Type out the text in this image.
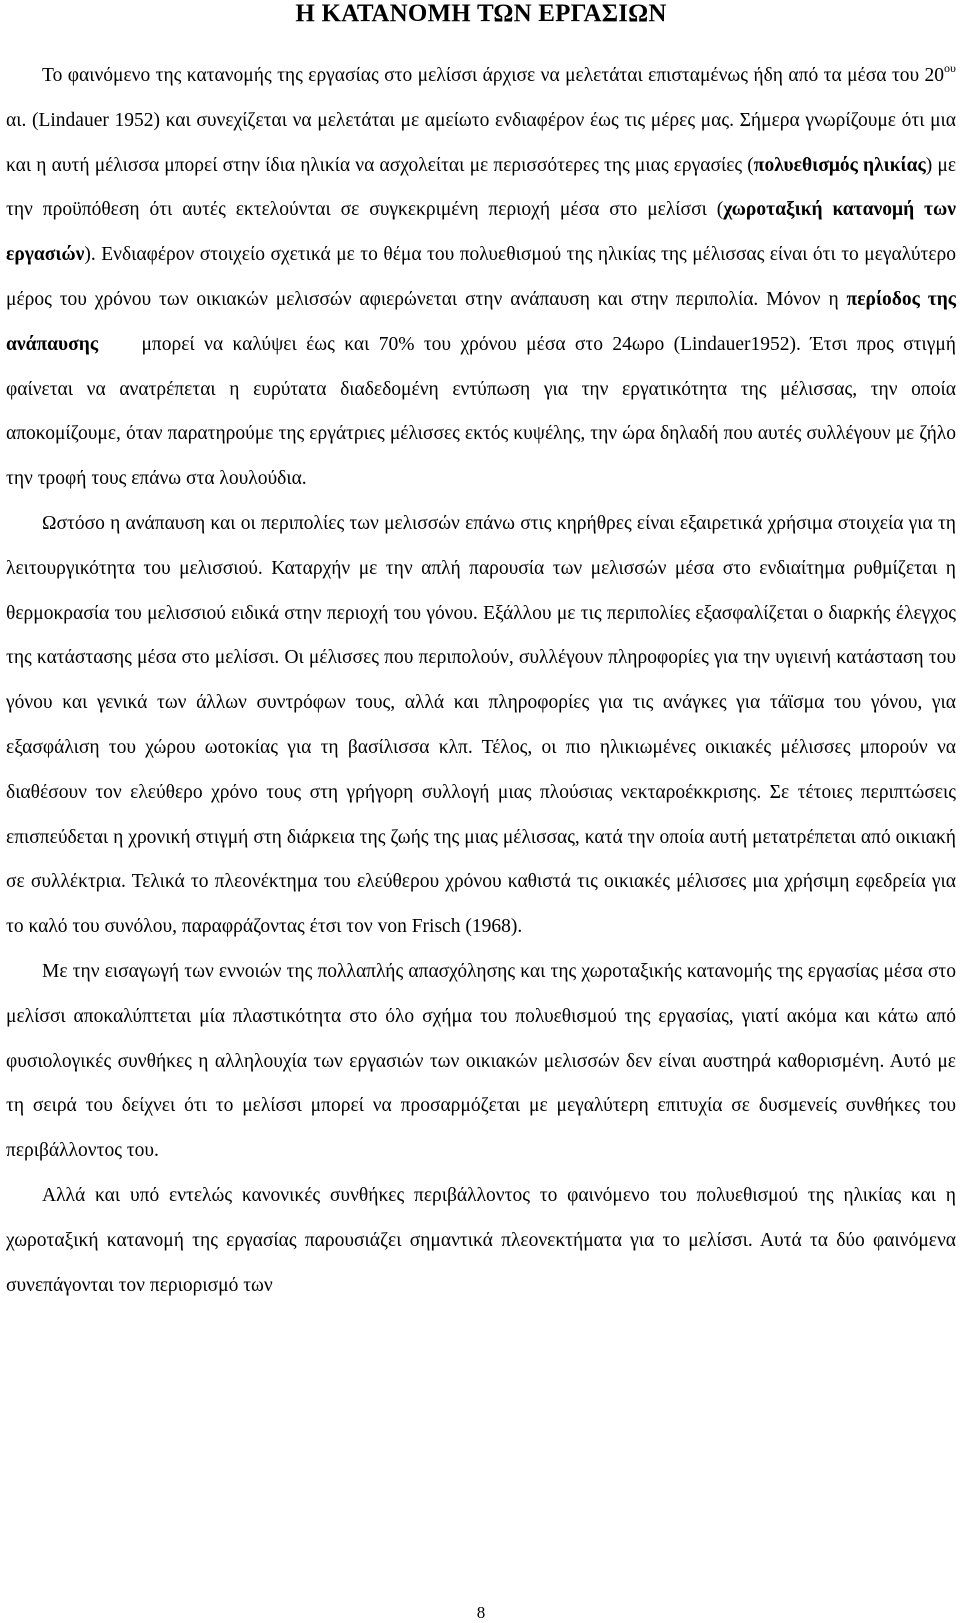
Η ΚΑΤΑΝΟΜΗ ΤΩΝ ΕΡΓΑΣΙΩΝ

Το φαινόμενο της κατανομής της εργασίας στο μελίσσι άρχισε να μελετάται επισταμένως ήδη από τα μέσα του $20^{o\upsilon}$ αι. (Lindauer 1952) και συνεχίζεται να μελετάται με αμείωτο ενδιαφέρον έως τις μέρες μας. Σήμερα γνωρίζουμε ότι μια και η αυτή μέλισσα μπορεί στην ίδια ηλικία να ασχολείται με περισσότερες της μιας εργασίες (πολυεθισμός ηλικίας) με την προϋπόθεση ότι αυτές εκτελούνται σε συγκεκριμένη περιοχή μέσα στο μελίσσι (χωροταξική κατανομή των εργασιών). Ενδιαφέρον στοιχείο σχετικά με το θέμα του πολυεθισμού της ηλικίας της μέλισσας είναι ότι το μεγαλύτερο μέρος του χρόνου των οικιακών μελισσών αφιερώνεται στην ανάπαυση και στην περιπολία. Μόνον η περίοδος της ανάπαυσης μπορεί να καλύψει έως και 70% του χρόνου μέσα στο 24ωρο (Lindauer1952). Έτσι προς στιγμή φαίνεται να ανατρέπεται η ευρύτατα διαδεδομένη εντύπωση για την εργατικότητα της μέλισσας, την οποία αποκομίζουμε, όταν παρατηρούμε της εργάτριες μέλισσες εκτός κυψέλης, την ώρα δηλαδή που αυτές συλλέγουν με ζήλο την τροφή τους επάνω στα λουλούδια.

Ωστόσο η ανάπαυση και οι περιπολίες των μελισσών επάνω στις κηρήθρες είναι εξαιρετικά χρήσιμα στοιχεία για τη λειτουργικότητα του μελισσιού. Καταρχήν με την απλή παρουσία των μελισσών μέσα στο ενδιαίτημα ρυθμίζεται η θερμοκρασία του μελισσιού ειδικά στην περιοχή του γόνου. Εξάλλου με τις περιπολίες εξασφαλίζεται ο διαρκής έλεγχος της κατάστασης μέσα στο μελίσσι. Οι μέλισσες που περιπολούν, συλλέγουν πληροφορίες για την υγιεινή κατάσταση του γόνου και γενικά των άλλων συντρόφων τους, αλλά και πληροφορίες για τις ανάγκες για τάϊσμα του γόνου, για εξασφάλιση του χώρου ωοτοκίας για τη βασίλισσα κλπ. Τέλος, οι πιο ηλικιωμένες οικιακές μέλισσες μπορούν να διαθέσουν τον ελεύθερο χρόνο τους στη γρήγορη συλλογή μιας πλούσιας νεκταροέκκρισης. Σε τέτοιες περιπτώσεις επισπεύδεται η χρονική στιγμή στη διάρκεια της ζωής της μιας μέλισσας, κατά την οποία αυτή μετατρέπεται από οικιακή σε συλλέκτρια. Τελικά το πλεονέκτημα του ελεύθερου χρόνου καθιστά τις οικιακές μέλισσες μια χρήσιμη εφεδρεία για το καλό του συνόλου, παραφράζοντας έτσι τον von Frisch (1968).

Με την εισαγωγή των εννοιών της πολλαπλής απασχόλησης και της χωροταξικής κατανομής της εργασίας μέσα στο μελίσσι αποκαλύπτεται μία πλαστικότητα στο όλο σχήμα του πολυεθισμού της εργασίας, γιατί ακόμα και κάτω από φυσιολογικές συνθήκες η αλληλουχία των εργασιών των οικιακών μελισσών δεν είναι αυστηρά καθορισμένη. Αυτό με τη σειρά του δείχνει ότι το μελίσσι μπορεί να προσαρμόζεται με μεγαλύτερη επιτυχία σε δυσμενείς συνθήκες του περιβάλλοντος του.

Αλλά και υπό εντελώς κανονικές συνθήκες περιβάλλοντος το φαινόμενο του πολυεθισμού της ηλικίας και η χωροταξική κατανομή της εργασίας παρουσιάζει σημαντικά πλεονεκτήματα για το μελίσσι. Αυτά τα δύο φαινόμενα συνεπάγονται τον περιορισμό των

8
